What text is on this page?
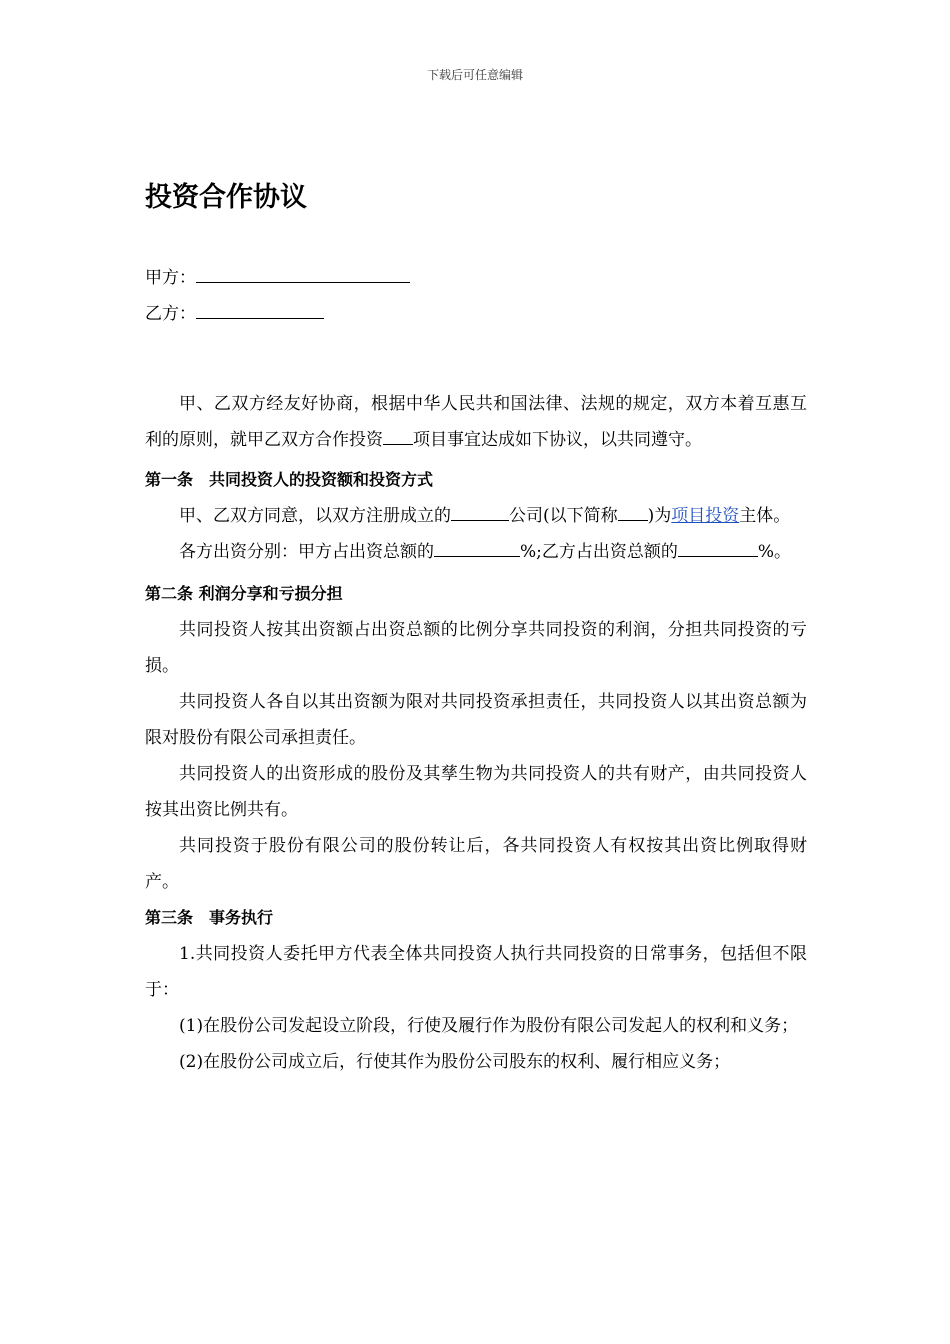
下载后可任意编辑
投资合作协议
甲方：
乙方：

甲、乙双方经友好协商，根据中华人民共和国法律、法规的规定，双方本着互惠互利的原则，就甲乙双方合作投资 项目事宜达成如下协议，以共同遵守。

第一条　共同投资人的投资额和投资方式

甲、乙双方同意，以双方注册成立的	公司(以下简称 )为项目投资主体。

各方出资分别：甲方占出资总额的	%;乙方占出资总额的	%。

第二条 利润分享和亏损分担

共同投资人按其出资额占出资总额的比例分享共同投资的利润，分担共同投资的亏损。

共同投资人各自以其出资额为限对共同投资承担责任，共同投资人以其出资总额为限对股份有限公司承担责任。

共同投资人的出资形成的股份及其孳生物为共同投资人的共有财产，由共同投资人按其出资比例共有。

共同投资于股份有限公司的股份转让后，各共同投资人有权按其出资比例取得财产。

第三条　事务执行

1.共同投资人委托甲方代表全体共同投资人执行共同投资的日常事务，包括但不限于：

(1)在股份公司发起设立阶段，行使及履行作为股份有限公司发起人的权利和义务；

(2)在股份公司成立后，行使其作为股份公司股东的权利、履行相应义务；
